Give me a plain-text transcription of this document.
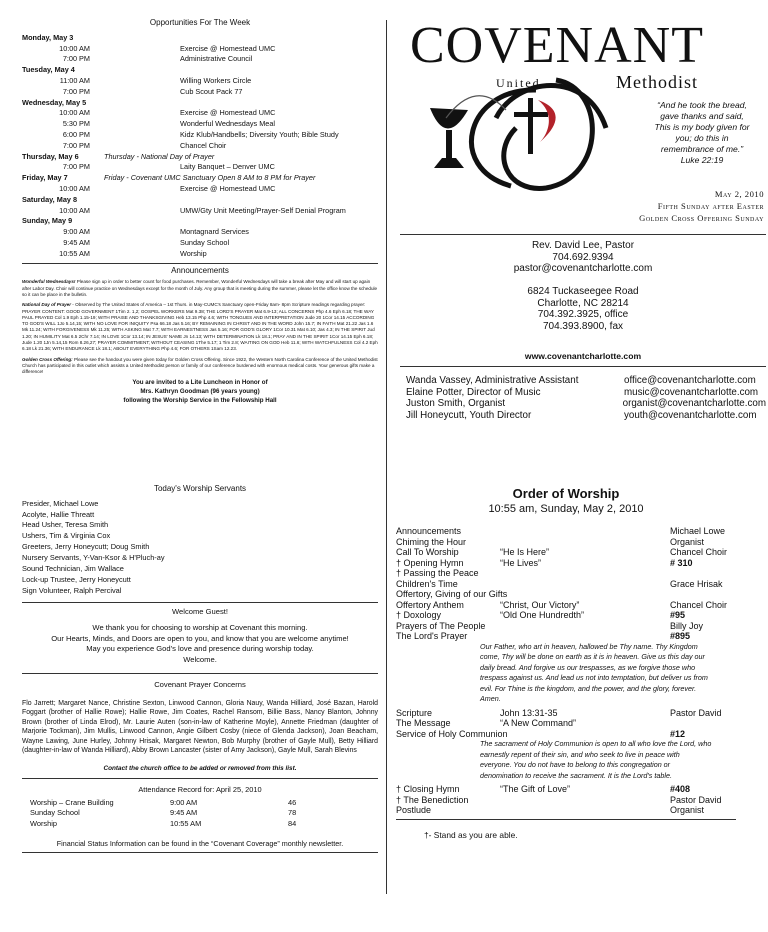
Opportunities For The Week
Monday, May 3
10:00 AM	Exercise @ Homestead UMC
7:00 PM	Administrative Council
Tuesday, May 4
11:00 AM	Willing Workers Circle
7:00 PM	Cub Scout Pack 77
Wednesday, May 5
10:00 AM	Exercise @ Homestead UMC
5:30 PM	Wonderful Wednesdays Meal
6:00 PM	Kidz Klub/Handbells; Diversity Youth; Bible Study
7:00 PM	Chancel Choir
Thursday, May 6	Thursday - National Day of Prayer
7:00 PM	Laity Banquet – Denver UMC
Friday, May 7	Friday - Covenant UMC Sanctuary Open 8 AM to 8 PM for Prayer
10:00 AM	Exercise @ Homestead UMC
Saturday, May 8
10:00 AM	UMW/Gty Unit Meeting/Prayer-Self Denial Program
Sunday, May 9
9:00 AM	Montagnard Services
9:45 AM	Sunday School
10:55 AM	Worship
Announcements

Wonderful Wednesdays! Please sign up in order to better count for food purchases. Remember, Wonderful Wednesdays will take a break after May and will start up again after Labor Day. Choir will continue practice on Wednesdays except for the month of July. Any group that is meeting during the summer, please let the office know the schedule so it can be place in the bulletin.

National Day of Prayer - Observed by The United States of America – 1st Thurs. in May-CUMC's Sanctuary open-Friday 8am- 8pm Scripture readings regarding prayer: PRAYER CONTENT: GOOD GOVERNMENT 1Tim 2. 1,2; GOSPEL WORKERS Mat 9.38; THE LORD'S PRAYER Mat 6.9-13; ALL CONCERNS Php 4.6 Eph 6.18; THE WAY PAUL PRAYED Col 1.9 Eph 1.15-19; WITH PRAISE AND THANKSGIVING Heb 13.15 Php 4.6; WITH TONGUES AND INTERPRETATION Jude 20 1Cor 14.15 ACCORDING TO GOD'S WILL 1Jo 5.14,15; WITH NO LOVE FOR INIQUITY Psa 66.18 Jas 5.16; BY REMAINING IN CHRIST AND IN THE WORD John 15.7; IN FAITH Mat 21.22 Jas 1.6 Mk 11.24; WITH FORGIVENESS Mk 11.25; WITH ASKING Mat 7.7; WITH EARNESTNESS Jas 5.16; FOR GOD'S GLORY 1Cor 10.31 Mat 6.10; Jas 4.3; IN THE SPIRIT Jud 1.20; IN HUMILITY Mat 6.5 2Chr 7.14; IN LOVE 1Cor 13.14; IN JESUS' NAME Jn 14.13; WITH DETERMINATION Lk 18.1; PRAY AND IN THE SPIRIT 1Cor 14.15 Eph 6.18; Jude 1.20 1Jn 5.14,15 Rom 8.26,27; PRAYER COMMITMENT; WITHOUT CEASING 1The 5.17; 1 Tim 2.8; WAITING ON GOD Heb 11.6; WITH WATCHFULNESS Col 4.2 Eph 6.18 Lk 21.36; WITH ENDURANCE Lk 18.1; ABOUT EVERYTHING Php 4.6; FOR OTHERS 1Sam 12.23.

Golden Cross Offering: Please see the handout you were given today for Golden Cross Offering. Since 1922, the Western North Carolina Conference of the United Methodist Church has participated in this outlet which assists a United Methodist person or family of our conference burdened with enormous medical costs. Your generous gifts make a difference!

You are invited to a Lite Luncheon in Honor of
Mrs. Kathryn Goodman (96 years young)
following the Worship Service in the Fellowship Hall
COVENANT
United	Methodist
“And he took the bread,
gave thanks and said,
This is my body given for
you; do this in
remembrance of me.”
Luke 22:19
May 2, 2010
Fifth Sunday after Easter
Golden Cross Offering Sunday
Rev. David Lee, Pastor
704.692.9394
pastor@covenantcharlotte.com
6824 Tuckaseegee Road
Charlotte, NC 28214
704.392.3925, office
704.393.8900, fax
www.covenantcharlotte.com
Wanda Vassey, Administrative Assistant	office@covenantcharlotte.com
Elaine Potter, Director of Music	music@covenantcharlotte.com
Juston Smith, Organist	organist@covenantcharlotte.com
Jill Honeycutt, Youth Director	youth@covenantcharlotte.com
Today's Worship Servants
Presider, Michael Lowe
Acolyte, Hallie Threatt
Head Usher, Teresa Smith
Ushers, Tim & Virginia Cox
Greeters, Jerry Honeycutt; Doug Smith
Nursery Servants, Y-Van-Ksor & H'Pluch-ay
Sound Technician, Jim Wallace
Lock-up Trustee, Jerry Honeycutt
Sign Volunteer, Ralph Percival
Welcome Guest!
We thank you for choosing to worship at Covenant this morning.
Our Hearts, Minds, and Doors are open to you, and know that you are welcome anytime!
May you experience God's love and presence during worship today.
Welcome.
Covenant Prayer Concerns
Flo Jarrett; Margaret Nance, Christine Sexton, Linwood Cannon, Gloria Nauy, Wanda Hilliard, José Bazan, Harold Foggart (brother of Hallie Rowe); Hallie Rowe, Jim Coates, Rachel Ransom, Billie Bass, Nancy Blanton, Johnny Brown (brother of Linda Elrod), Mr. Laurie Auten (son-in-law of Katherine Moyle), Annette Friedman (daughter of Marjorie Tockman), Jim Mullis, Linwood Cannon, Angie Gilbert Cosby (niece of Glenda Jackson), Joan Beacham, Wayne Lawing, June Hurley, Johnny Hrisak, Margaret Newton, Bob Murphy (brother of Gayle Mull), Betty Hilliard (daughter-in-law of Wanda Hilliard), Abby Brown Lancaster (sister of Amy Jackson), Gayle Mull, Sarah Blevins
Contact the church office to be added or removed from this list.
Attendance Record for: April 25, 2010
Worship – Crane Building	9:00 AM	46
Sunday School	9:45 AM	78
Worship	10:55 AM	84
Financial Status Information can be found in the “Covenant Coverage” monthly newsletter.
Order of Worship
10:55 am, Sunday, May 2, 2010
Announcements	Michael Lowe
Chiming the Hour	Organist
Call To Worship	“He Is Here”	Chancel Choir
† Opening Hymn	“He Lives”	# 310
† Passing the Peace
Children's Time	Grace Hrisak
Offertory, Giving of our Gifts
Offertory Anthem	“Christ, Our Victory”	Chancel Choir
† Doxology	“Old One Hundredth”	#95
Prayers of The People	Billy Joy
The Lord's Prayer	#895
Our Father, who art in heaven, hallowed be Thy name. Thy Kingdom come, Thy will be done on earth as it is in heaven. Give us this day our daily bread. And forgive us our trespasses, as we forgive those who trespass against us. And lead us not into temptation, but deliver us from evil. For Thine is the kingdom, and the power, and the glory, forever. Amen.
Scripture	John 13:31-35	Pastor David
The Message	“A New Command”
Service of Holy Communion	#12
The sacrament of Holy Communion is open to all who love the Lord, who earnestly repent of their sin, and who seek to live in peace with everyone. You do not have to belong to this congregation or denomination to receive the sacrament. It is the Lord's table.
† Closing Hymn	“The Gift of Love”	#408
† The Benediction	Pastor David
Postlude	Organist
†- Stand as you are able.
